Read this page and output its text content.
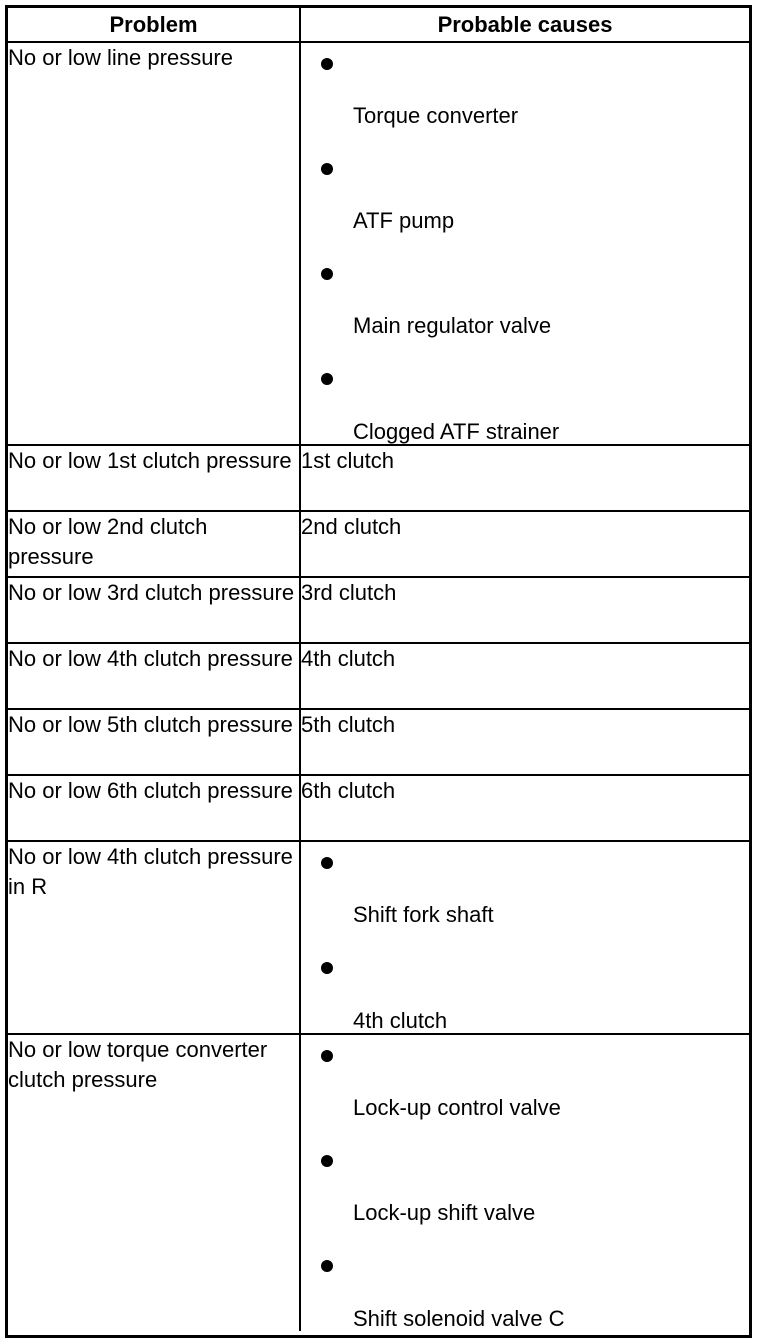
Problem	Probable causes
No or low line pressure	Torque converter
ATF pump
Main regulator valve
Clogged ATF strainer

No or low 1st clutch pressure	1st clutch
No or low 2nd clutch pressure	2nd clutch
No or low 3rd clutch pressure	3rd clutch
No or low 4th clutch pressure	4th clutch
No or low 5th clutch pressure	5th clutch
No or low 6th clutch pressure	6th clutch
No or low 4th clutch pressure in R	Shift fork shaft
4th clutch

No or low torque converter clutch pressure	Lock-up control valve
Lock-up shift valve
Shift solenoid valve C
